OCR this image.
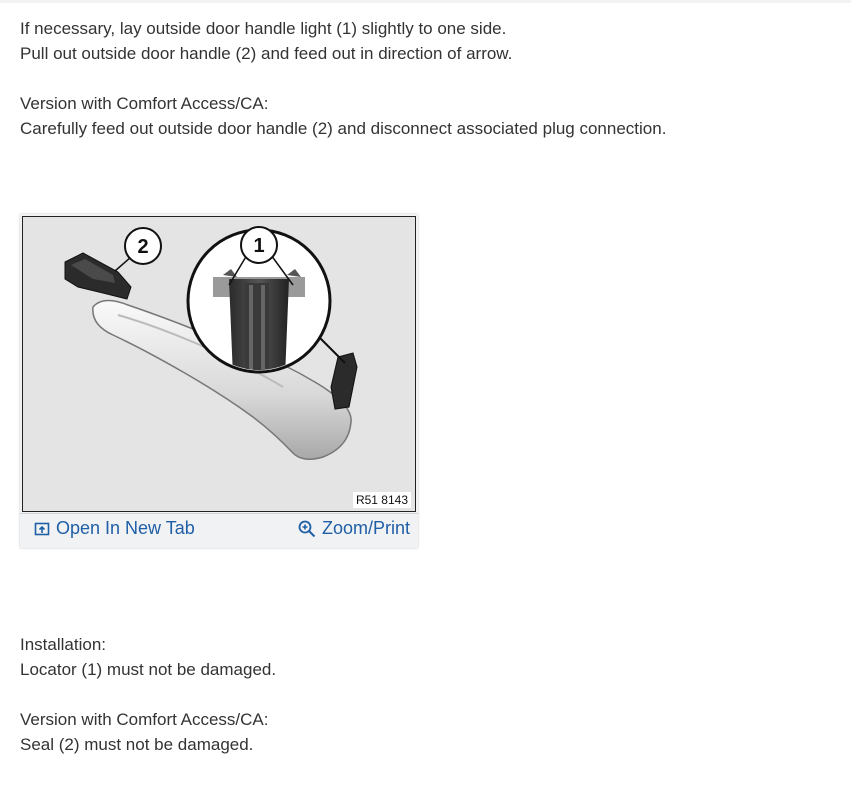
If necessary, lay outside door handle light (1) slightly to one side.
Pull out outside door handle (2) and feed out in direction of arrow.

Version with Comfort Access/CA:
Carefully feed out outside door handle (2) and disconnect associated plug connection.

1
2
R51 8143
Open In New Tab	Zoom/Print

Installation:
Locator (1) must not be damaged.

Version with Comfort Access/CA:
Seal (2) must not be damaged.
